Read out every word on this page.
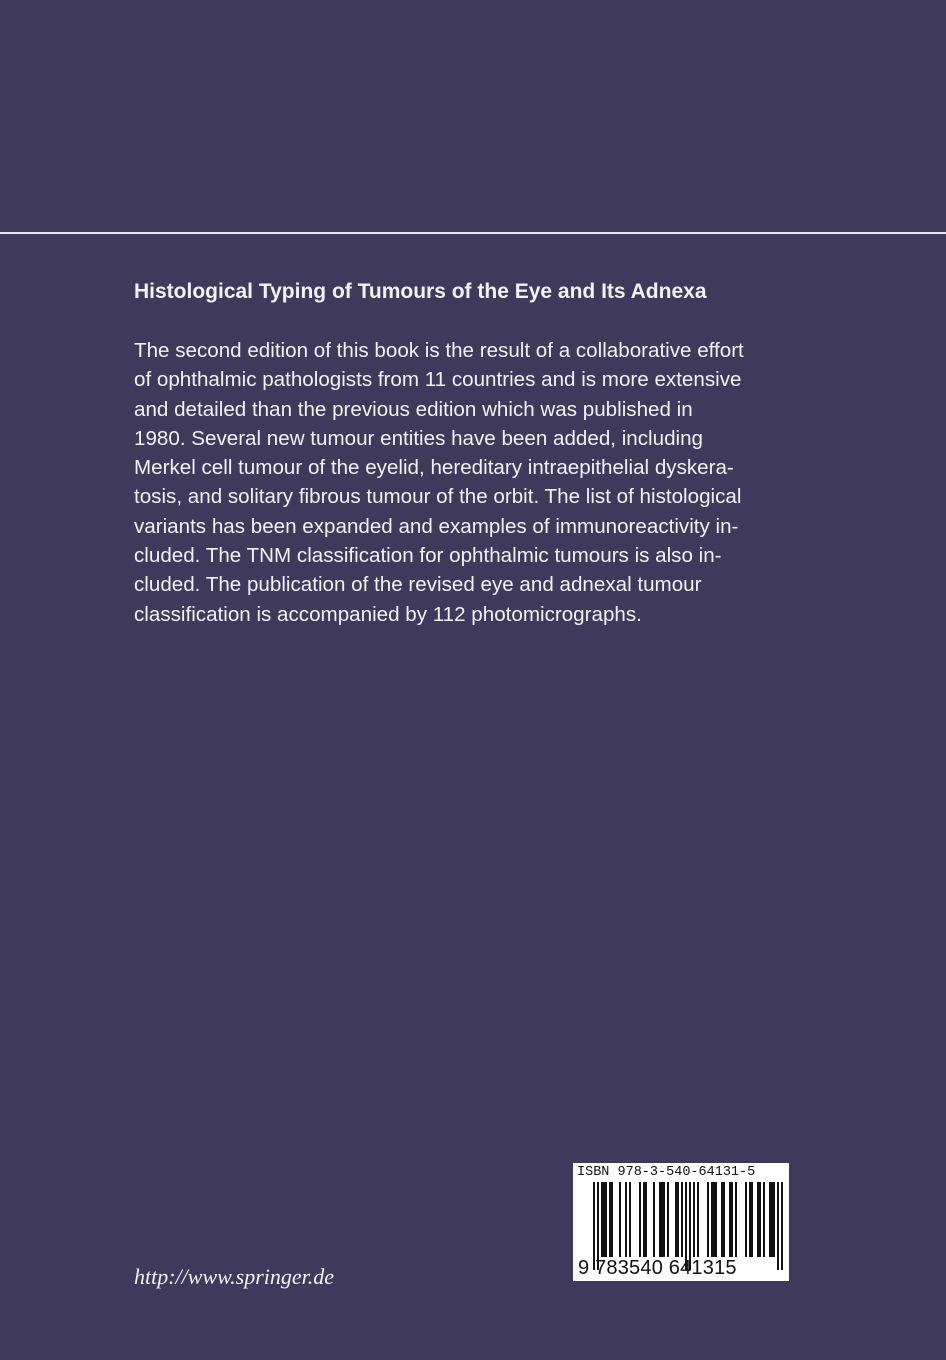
Histological Typing of Tumours of the Eye and Its Adnexa
The second edition of this book is the result of a collaborative effort
of ophthalmic pathologists from 11 countries and is more extensive
and detailed than the previous edition which was published in
1980. Several new tumour entities have been added, including
Merkel cell tumour of the eyelid, hereditary intraepithelial dyskera-
tosis, and solitary fibrous tumour of the orbit. The list of histological
variants has been expanded and examples of immunoreactivity in-
cluded. The TNM classification for ophthalmic tumours is also in-
cluded. The publication of the revised eye and adnexal tumour
classification is accompanied by 112 photomicrographs.
http://www.springer.de
ISBN 978-3-540-64131-5
9 783540 641315
